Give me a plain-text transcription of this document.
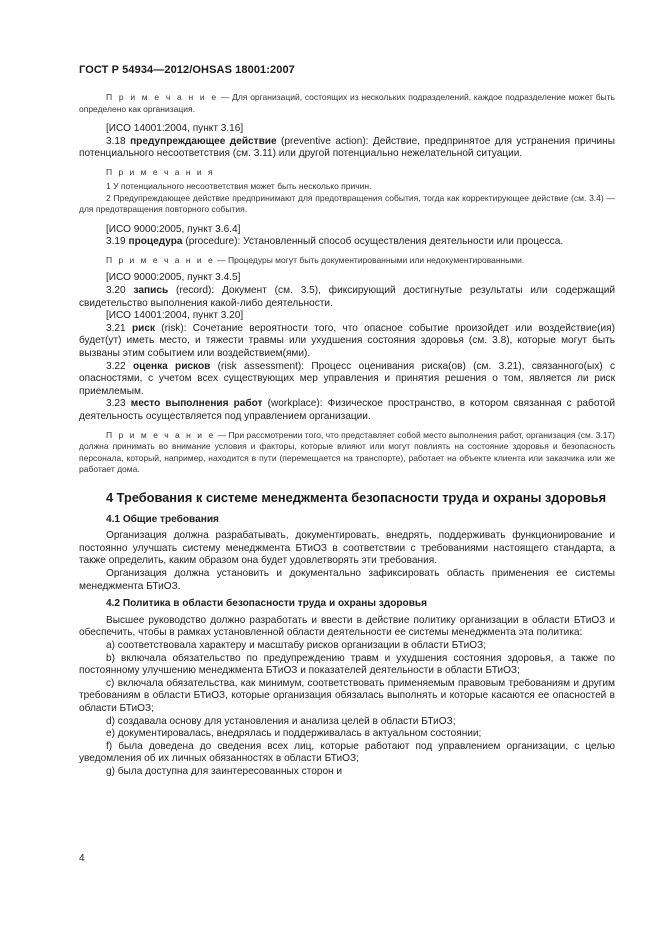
ГОСТ Р 54934—2012/OHSAS 18001:2007

П р и м е ч а н и е — Для организаций, состоящих из нескольких подразделений, каждое подразделение может быть определено как организация.

[ИСО 14001:2004, пункт 3.16]

3.18 предупреждающее действие (preventive action): Действие, предпринятое для устранения причины потенциального несоответствия (см. 3.11) или другой потенциально нежелательной ситуации.

П р и м е ч а н и я

1 У потенциального несоответствия может быть несколько причин.

2 Предупреждающее действие предпринимают для предотвращения события, тогда как корректирующее действие (см. 3.4) — для предотвращения повторного события.

[ИСО 9000:2005, пункт 3.6.4]

3.19 процедура (procedure): Установленный способ осуществления деятельности или процесса.

П р и м е ч а н и е — Процедуры могут быть документированными или недокументированными.

[ИСО 9000:2005, пункт 3.4.5]

3.20 запись (record): Документ (см. 3.5), фиксирующий достигнутые результаты или содержащий свидетельство выполнения какой-либо деятельности.

[ИСО 14001:2004, пункт 3.20]

3.21 риск (risk): Сочетание вероятности того, что опасное событие произойдет или воздействие(ия) будет(ут) иметь место, и тяжести травмы или ухудшения состояния здоровья (см. 3.8), которые могут быть вызваны этим событием или воздействием(ями).

3.22 оценка рисков (risk assessment): Процесс оценивания риска(ов) (см. 3.21), связанного(ых) с опасностями, с учетом всех существующих мер управления и принятия решения о том, является ли риск приемлемым.

3.23 место выполнения работ (workplace): Физическое пространство, в котором связанная с работой деятельность осуществляется под управлением организации.

П р и м е ч а н и е — При рассмотрении того, что представляет собой место выполнения работ, организация (см. 3.17) должна принимать во внимание условия и факторы, которые влияют или могут повлиять на состояние здоровья и безопасность персонала, который, например, находится в пути (перемещается на транспорте), работает на объекте клиента или заказчика или же работает дома.

4 Требования к системе менеджмента безопасности труда и охраны здоровья

4.1 Общие требования

Организация должна разрабатывать, документировать, внедрять, поддерживать функционирование и постоянно улучшать систему менеджмента БТиОЗ в соответствии с требованиями настоящего стандарта, а также определить, каким образом она будет удовлетворять эти требования.

Организация должна установить и документально зафиксировать область применения ее системы менеджмента БТиОЗ.

4.2 Политика в области безопасности труда и охраны здоровья

Высшее руководство должно разработать и ввести в действие политику организации в области БТиОЗ и обеспечить, чтобы в рамках установленной области деятельности ее системы менеджмента эта политика:

a) соответствовала характеру и масштабу рисков организации в области БТиОЗ;

b) включала обязательство по предупреждению травм и ухудшения состояния здоровья, а также по постоянному улучшению менеджмента БТиОЗ и показателей деятельности в области БТиОЗ;

c) включала обязательства, как минимум, соответствовать применяемым правовым требованиям и другим требованиям в области БТиОЗ, которые организация обязалась выполнять и которые касаются ее опасностей в области БТиОЗ;

d) создавала основу для установления и анализа целей в области БТиОЗ;

e) документировалась, внедрялась и поддерживалась в актуальном состоянии;

f) была доведена до сведения всех лиц, которые работают под управлением организации, с целью уведомления об их личных обязанностях в области БТиОЗ;

g) была доступна для заинтересованных сторон и

4
